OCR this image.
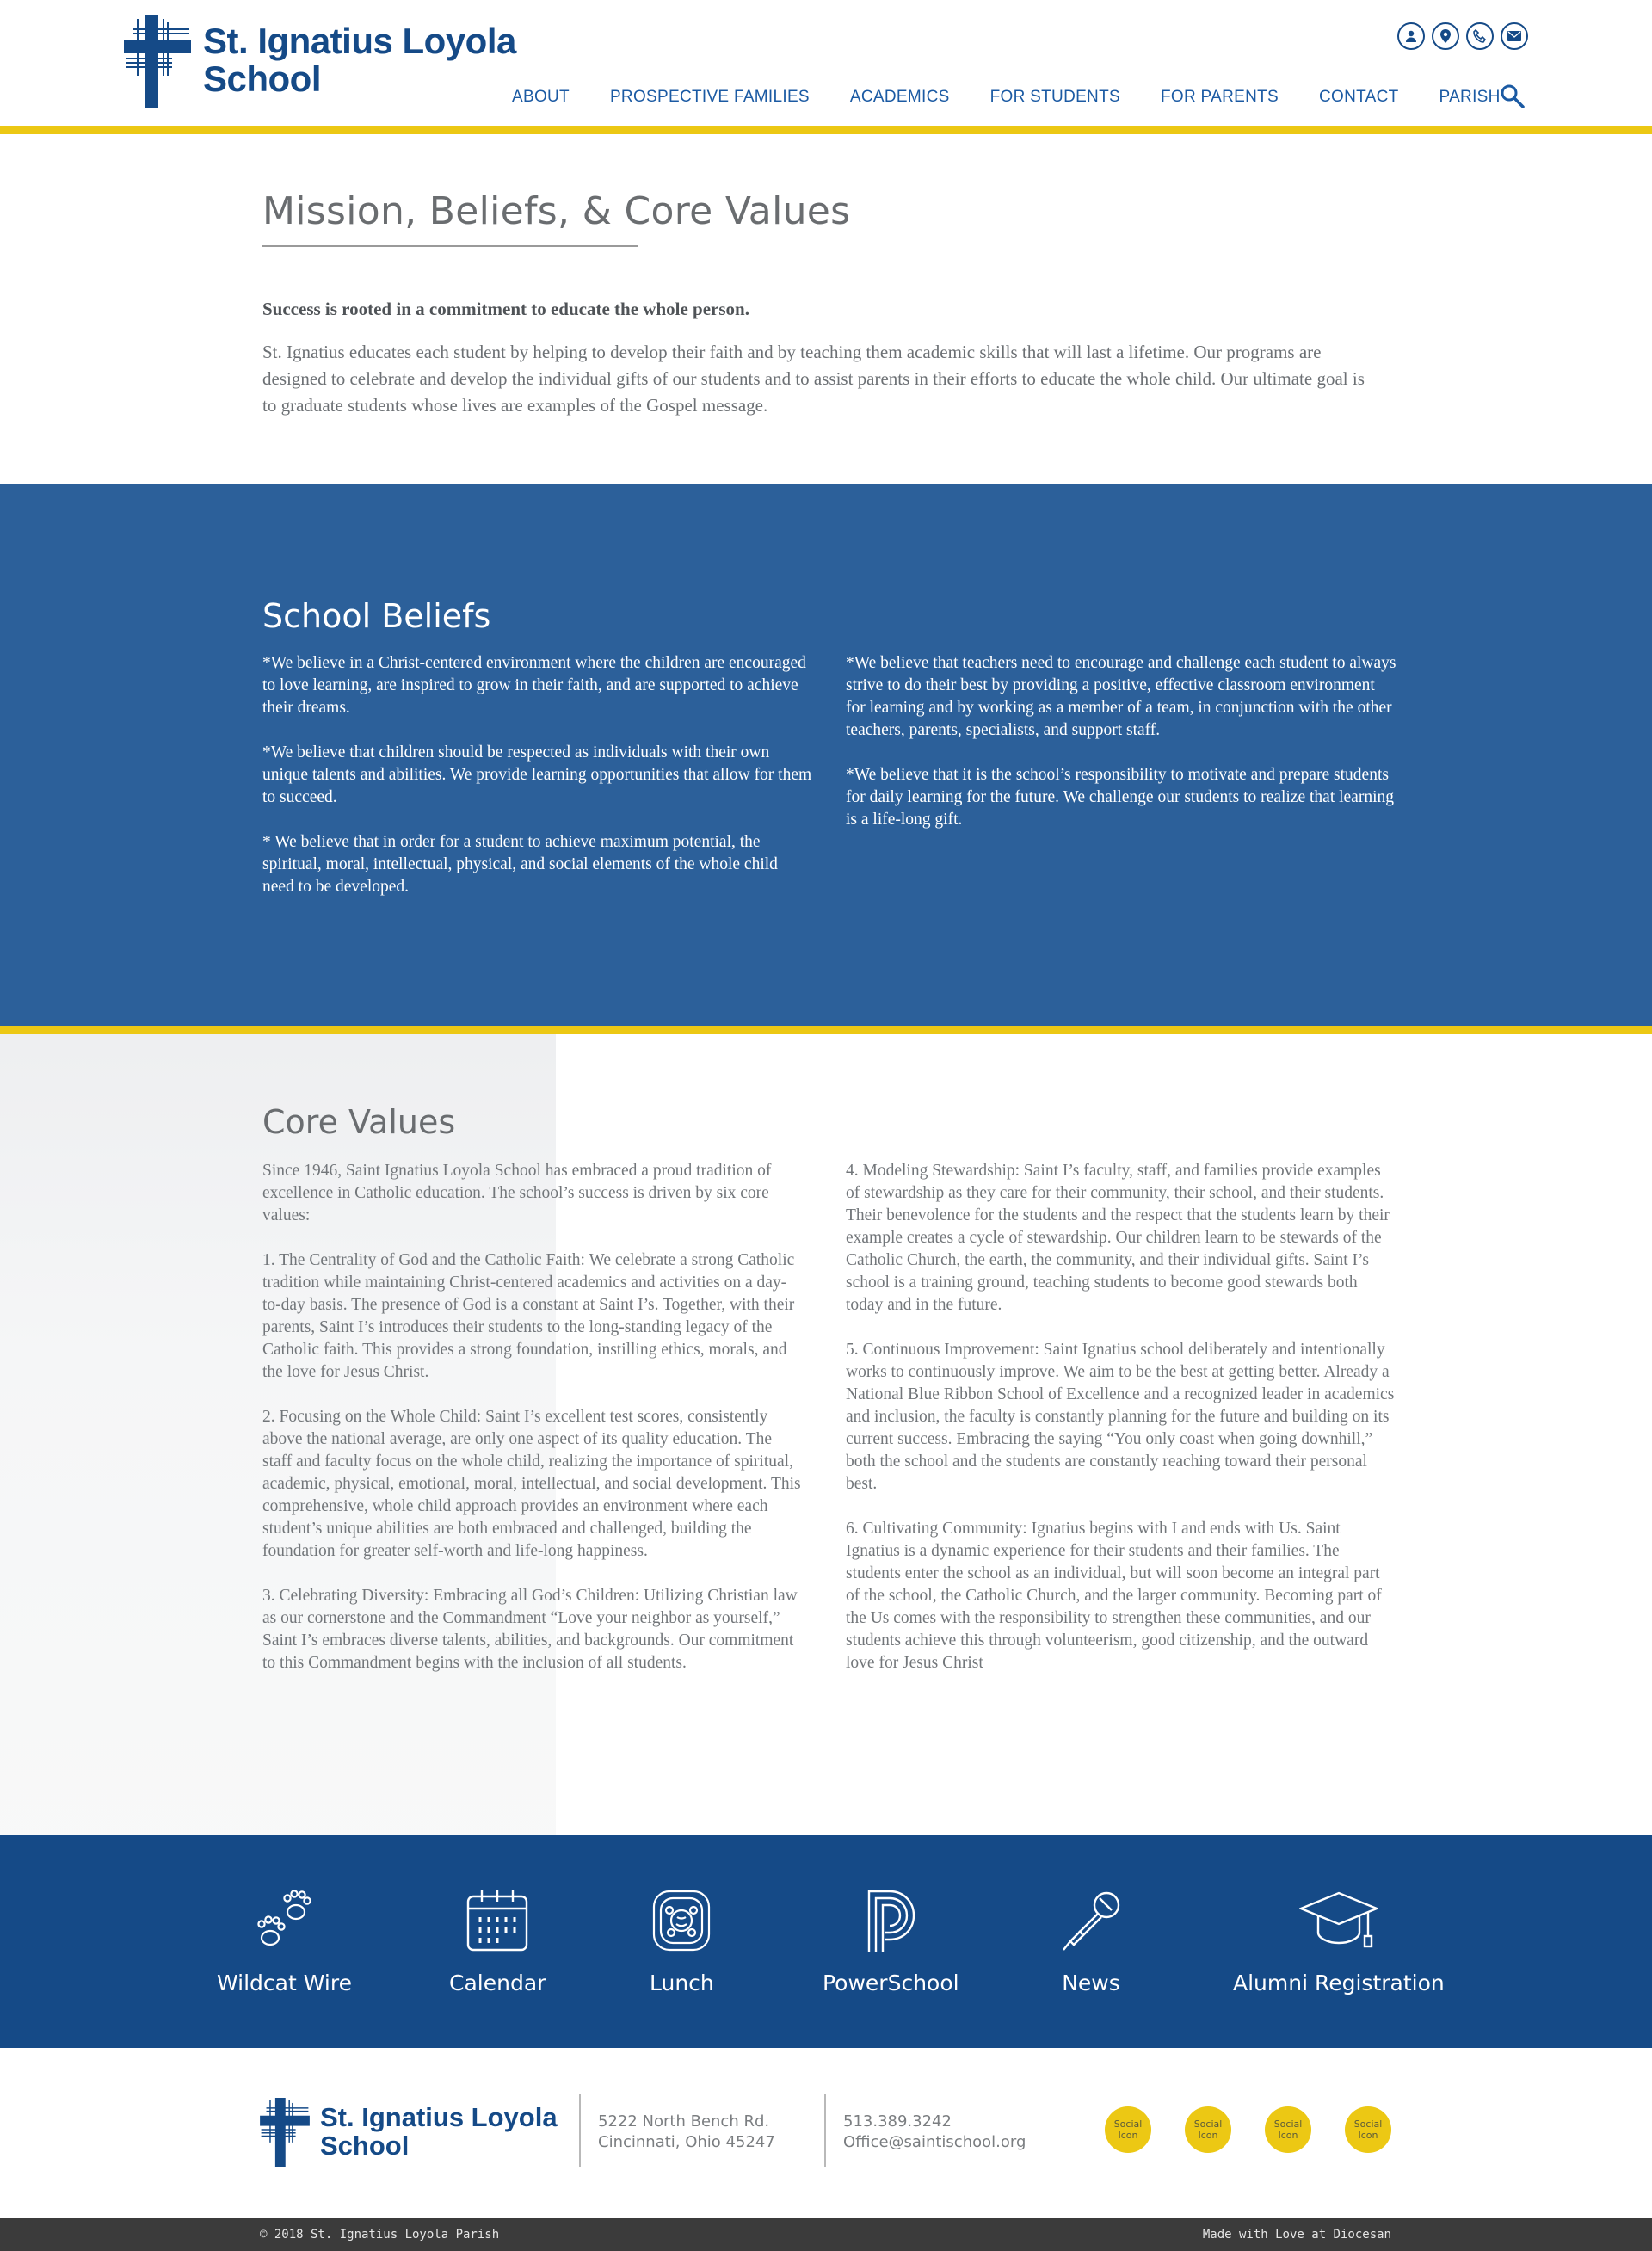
St. Ignatius Loyola
School	ABOUT PROSPECTIVE FAMILIES ACADEMICS FOR STUDENTS FOR PARENTS CONTACT PARISH
Mission, Beliefs, & Core Values

Success is rooted in a commitment to educate the whole person.

St. Ignatius educates each student by helping to develop their faith and by teaching them academic skills that will last a lifetime. Our programs are designed to celebrate and develop the individual gifts of our students and to assist parents in their efforts to educate the whole child. Our ultimate goal is to graduate students whose lives are examples of the Gospel message.

School Beliefs

*We believe in a Christ-centered environment where the children are encouraged to love learning, are inspired to grow in their faith, and are supported to achieve their dreams.

*We believe that children should be respected as individuals with their own unique talents and abilities. We provide learning opportunities that allow for them to succeed.

* We believe that in order for a student to achieve maximum potential, the spiritual, moral, intellectual, physical, and social elements of the whole child need to be developed.

*We believe that teachers need to encourage and challenge each student to always strive to do their best by providing a positive, effective classroom environment for learning and by working as a member of a team, in conjunction with the other teachers, parents, specialists, and support staff.

*We believe that it is the school’s responsibility to motivate and prepare students for daily learning for the future. We challenge our students to realize that learning is a life-long gift.

Core Values

Since 1946, Saint Ignatius Loyola School has embraced a proud tradition of excellence in Catholic education. The school’s success is driven by six core values:

1. The Centrality of God and the Catholic Faith: We celebrate a strong Catholic tradition while maintaining Christ-centered academics and activities on a day-to-day basis. The presence of God is a constant at Saint I’s. Together, with their parents, Saint I’s introduces their students to the long-standing legacy of the Catholic faith. This provides a strong foundation, instilling ethics, morals, and the love for Jesus Christ.

2. Focusing on the Whole Child: Saint I’s excellent test scores, consistently above the national average, are only one aspect of its quality education. The staff and faculty focus on the whole child, realizing the importance of spiritual, academic, physical, emotional, moral, intellectual, and social development. This comprehensive, whole child approach provides an environment where each student’s unique abilities are both embraced and challenged, building the foundation for greater self-worth and life-long happiness.

3. Celebrating Diversity: Embracing all God’s Children: Utilizing Christian law as our cornerstone and the Commandment “Love your neighbor as yourself,” Saint I’s embraces diverse talents, abilities, and backgrounds. Our commitment to this Commandment begins with the inclusion of all students.

4. Modeling Stewardship: Saint I’s faculty, staff, and families provide examples of stewardship as they care for their community, their school, and their students. Their benevolence for the students and the respect that the students learn by their example creates a cycle of stewardship. Our children learn to be stewards of the Catholic Church, the earth, the community, and their individual gifts. Saint I’s school is a training ground, teaching students to become good stewards both today and in the future.

5. Continuous Improvement: Saint Ignatius school deliberately and intentionally works to continuously improve. We aim to be the best at getting better. Already a National Blue Ribbon School of Excellence and a recognized leader in academics and inclusion, the faculty is constantly planning for the future and building on its current success. Embracing the saying “You only coast when going downhill,” both the school and the students are constantly reaching toward their personal best.

6. Cultivating Community: Ignatius begins with I and ends with Us. Saint Ignatius is a dynamic experience for their students and their families. The students enter the school as an individual, but will soon become an integral part of the school, the Catholic Church, and the larger community. Becoming part of the Us comes with the responsibility to strengthen these communities, and our students achieve this through volunteerism, good citizenship, and the outward love for Jesus Christ

Wildcat Wire	Calendar	Lunch	PowerSchool	News	Alumni Registration
St. Ignatius Loyola
School
5222 North Bench Rd.
Cincinnati, Ohio 45247
513.389.3242
Office@saintischool.org
Social Icon
Social Icon
Social Icon
Social Icon
© 2018 St. Ignatius Loyola Parish	Made with Love at Diocesan
